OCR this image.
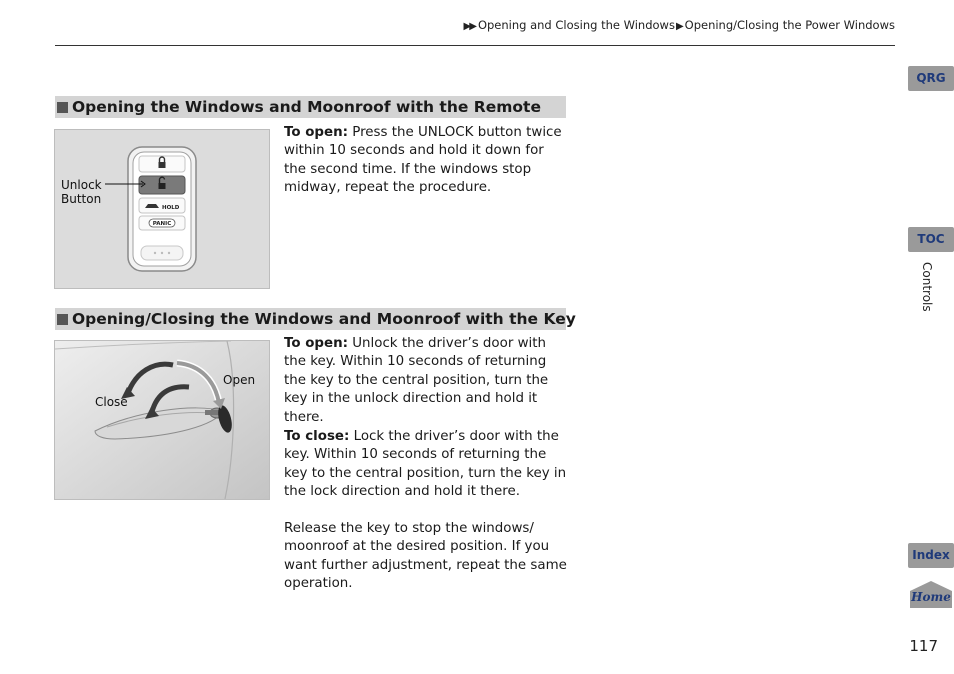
▶▶ Opening and Closing the Windows▶ Opening/Closing the Power Windows
Opening the Windows and Moonroof with the Remote
HOLD
PANIC
Unlock
Button
To open: Press the UNLOCK button twice within 10 seconds and hold it down for the second time. If the windows stop midway, repeat the procedure.
Opening/Closing the Windows and Moonroof with the Key
Close
Open
To open: Unlock the driver’s door with the key. Within 10 seconds of returning the key to the central position, turn the key in the unlock direction and hold it there.
To close: Lock the driver’s door with the key. Within 10 seconds of returning the key to the central position, turn the key in the lock direction and hold it there.
Release the key to stop the windows/ moonroof at the desired position. If you want further adjustment, repeat the same operation.
QRG
TOC
Controls
Index
Home
117
